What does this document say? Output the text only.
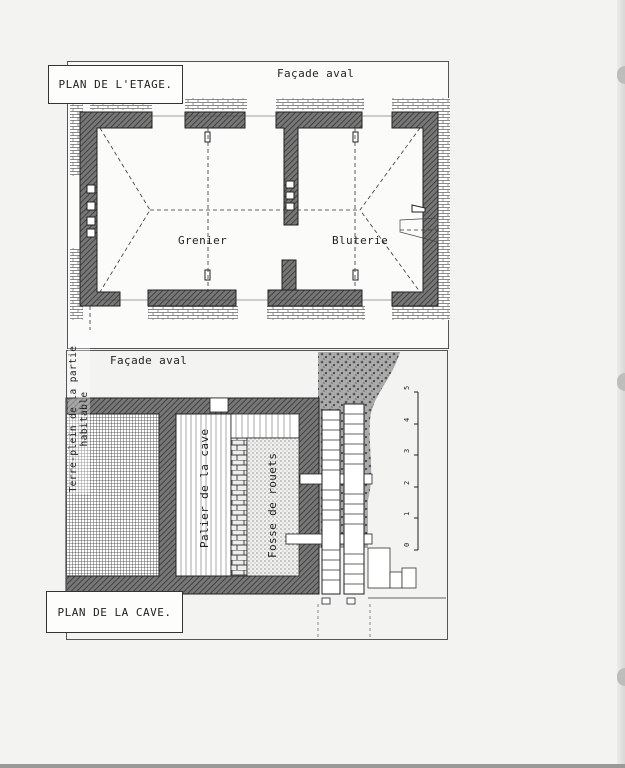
PLAN DE L'ETAGE.
Façade aval
Grenier	Bluterie
Façade aval
Terre-plein de la partie habitable
Palier de la cave	Fosse de rouets	0
1
2
3
4
5
PLAN DE LA CAVE.
